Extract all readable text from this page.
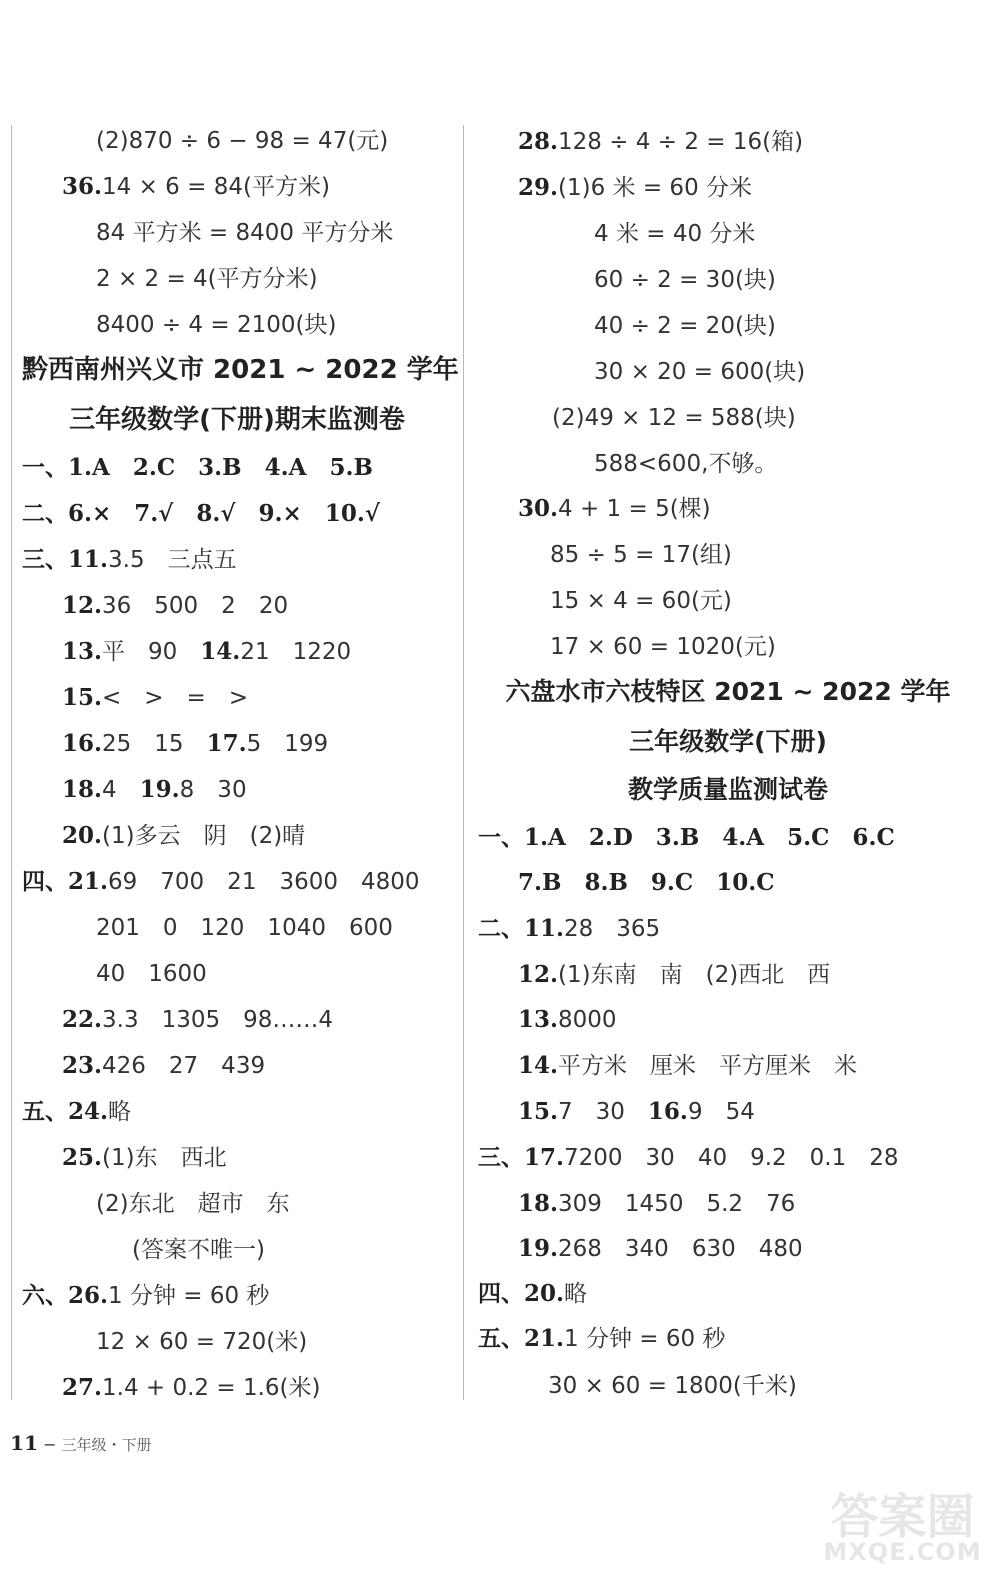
(2)870 ÷ 6 − 98 = 47(元)
36.14 × 6 = 84(平方米)
84 平方米 = 8400 平方分米
2 × 2 = 4(平方分米)
8400 ÷ 4 = 2100(块)
黔西南州兴义市 2021 ~ 2022 学年
三年级数学(下册)期末监测卷
一、1.A　2.C　3.B　4.A　5.B
二、6.×　7.√　8.√　9.×　10.√
三、11.3.5　三点五
12.36　500　2　20
13.平　90　14.21　1220
15.<　>　=　>
16.25　15　17.5　199
18.4　19.8　30
20.(1)多云　阴　(2)晴
四、21.69　700　21　3600　4800
201　0　120　1040　600
40　1600
22.3.3　1305　98……4
23.426　27　439
五、24.略
25.(1)东　西北
(2)东北　超市　东
(答案不唯一)
六、26.1 分钟 = 60 秒
12 × 60 = 720(米)
27.1.4 + 0.2 = 1.6(米)
28.128 ÷ 4 ÷ 2 = 16(箱)
29.(1)6 米 = 60 分米
4 米 = 40 分米
60 ÷ 2 = 30(块)
40 ÷ 2 = 20(块)
30 × 20 = 600(块)
(2)49 × 12 = 588(块)
588<600,不够。
30.4 + 1 = 5(棵)
85 ÷ 5 = 17(组)
15 × 4 = 60(元)
17 × 60 = 1020(元)
六盘水市六枝特区 2021 ~ 2022 学年
三年级数学(下册)
教学质量监测试卷
一、1.A　2.D　3.B　4.A　5.C　6.C
7.B　8.B　9.C　10.C
二、11.28　365
12.(1)东南　南　(2)西北　西
13.8000
14.平方米　厘米　平方厘米　米
15.7　30　16.9　54
三、17.7200　30　40　9.2　0.1　28
18.309　1450　5.2　76
19.268　340　630　480
四、20.略
五、21.1 分钟 = 60 秒
30 × 60 = 1800(千米)

11 − 三年级・下册

答案圈
MXQE.COM
